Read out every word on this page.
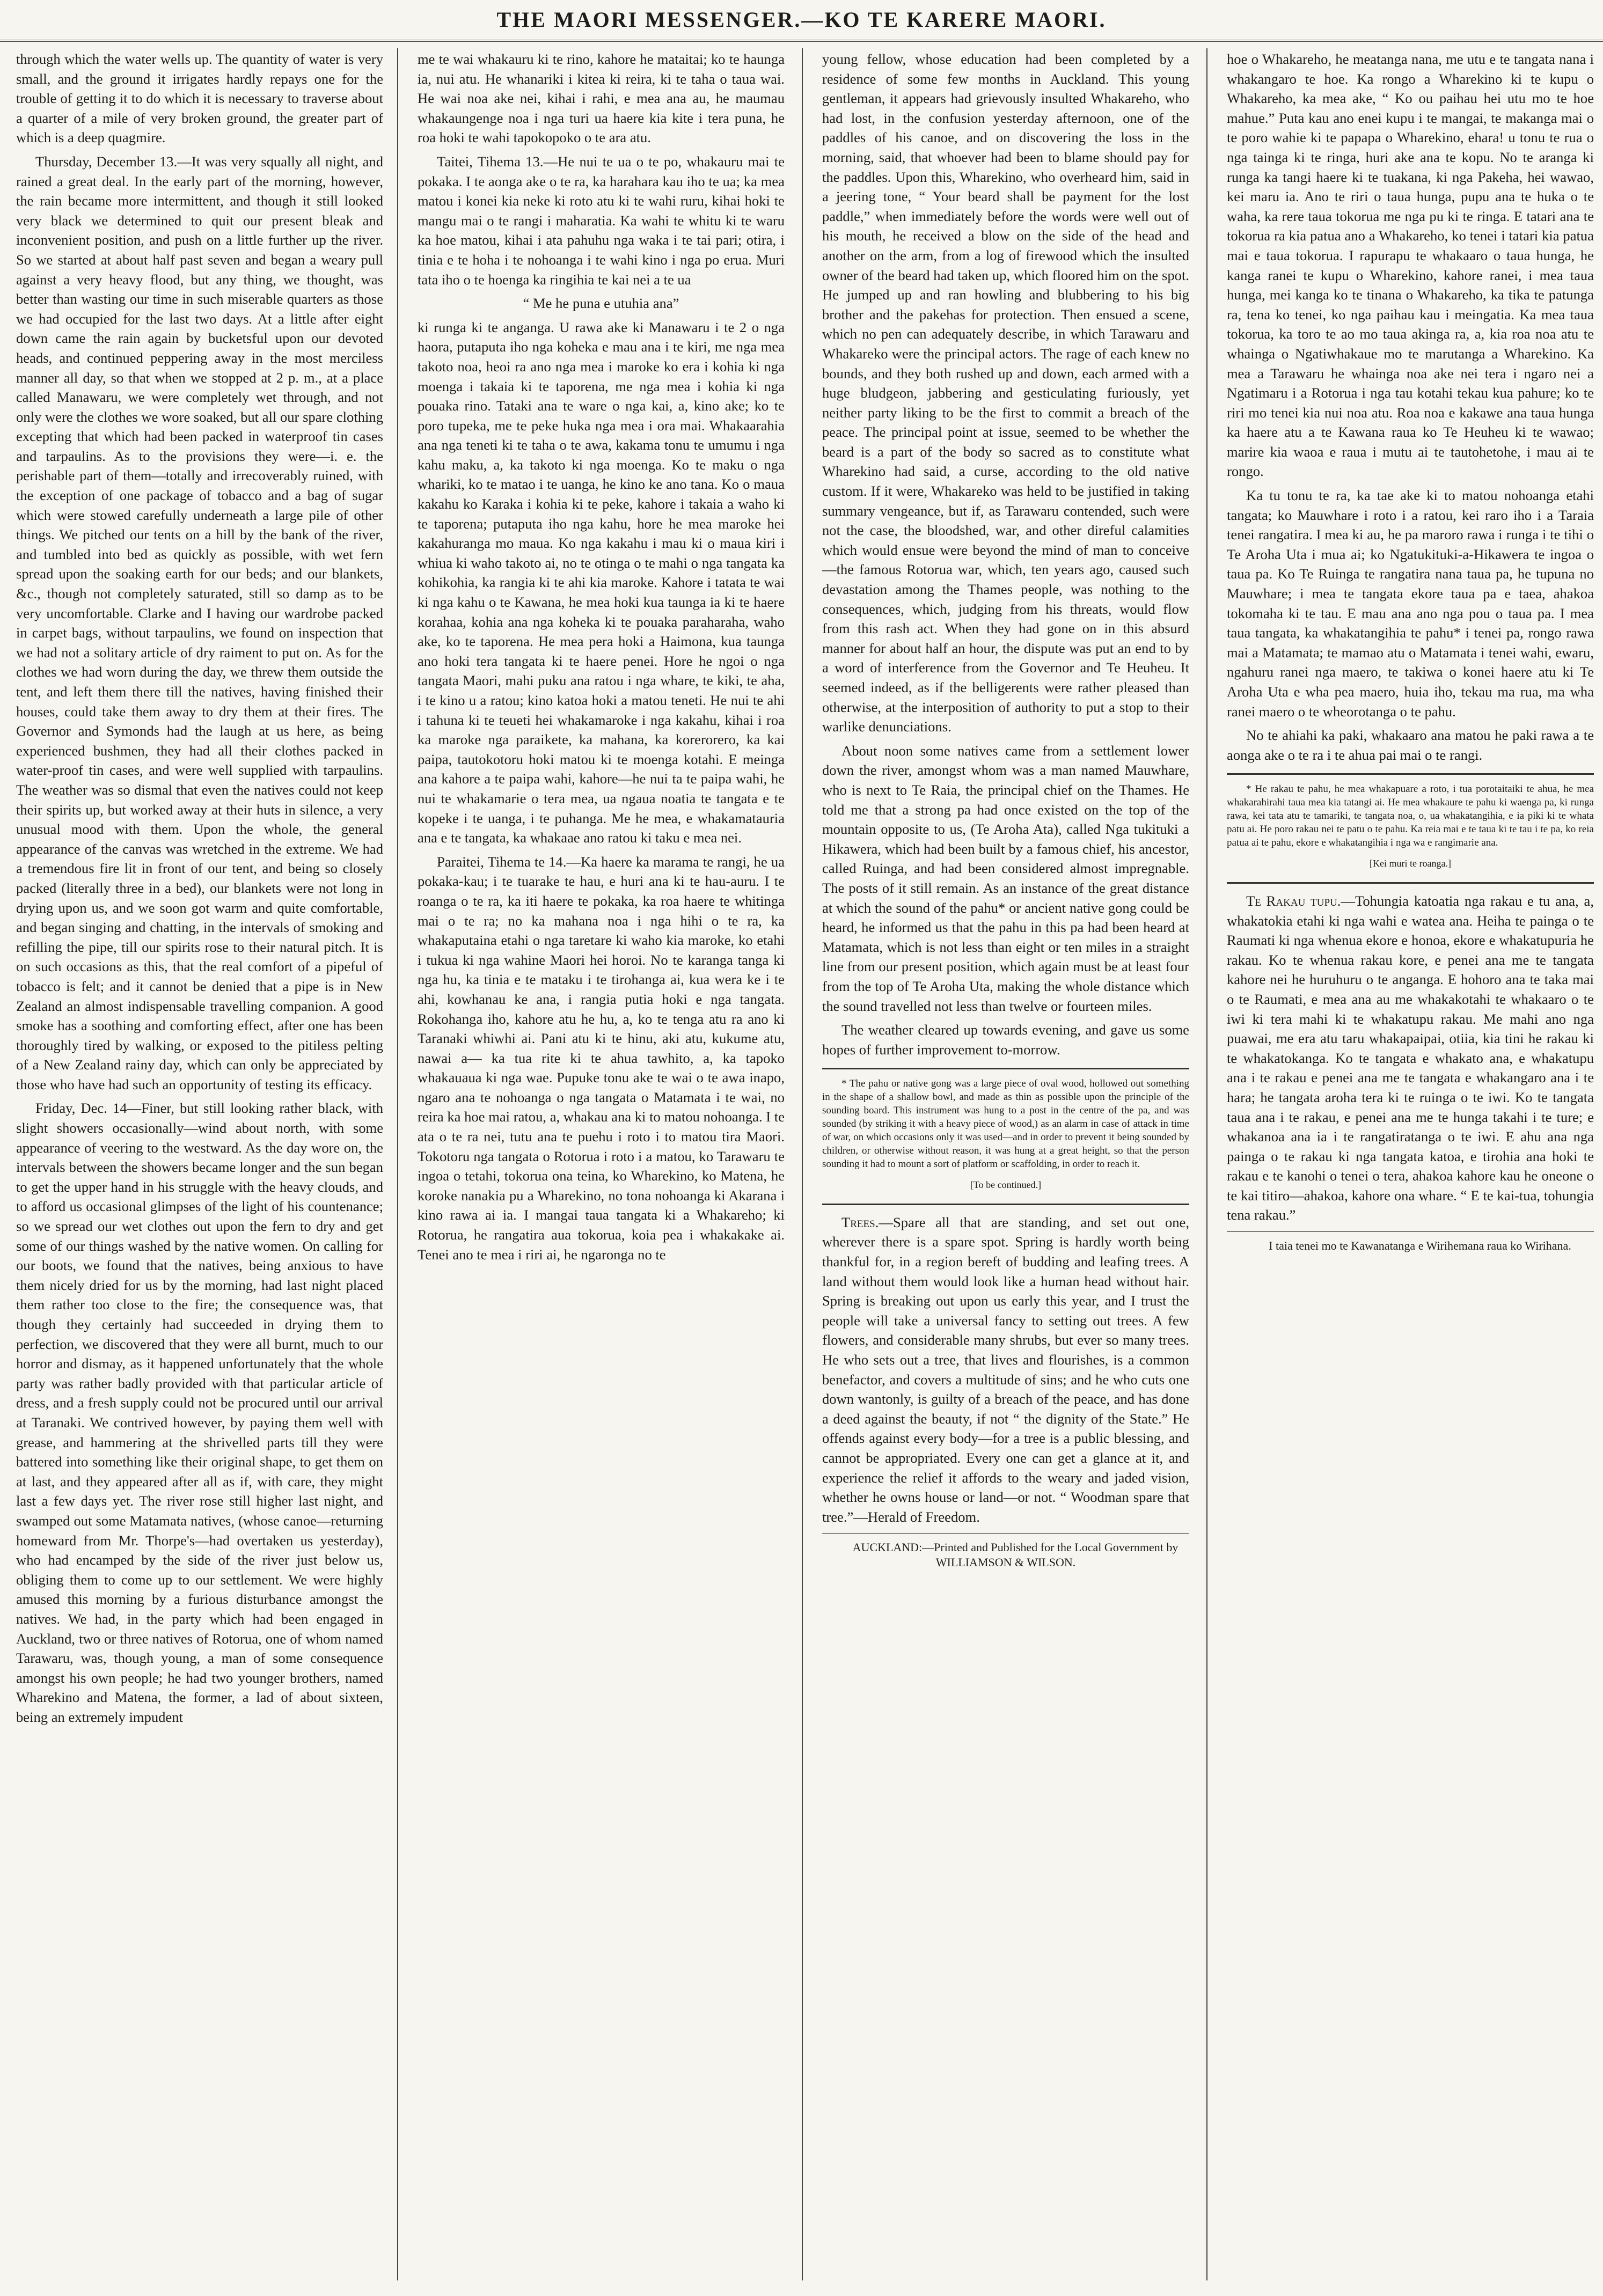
THE MAORI MESSENGER.—KO TE KARERE MAORI.

through which the water wells up. The quantity of water is very small, and the ground it irrigates hardly repays one for the trouble of getting it to do which it is necessary to traverse about a quarter of a mile of very broken ground, the greater part of which is a deep quagmire.

Thursday, December 13.—It was very squally all night, and rained a great deal. In the early part of the morning, however, the rain became more intermittent, and though it still looked very black we determined to quit our present bleak and inconvenient position, and push on a little further up the river. So we started at about half past seven and began a weary pull against a very heavy flood, but any thing, we thought, was better than wasting our time in such miserable quarters as those we had occupied for the last two days. At a little after eight down came the rain again by bucketsful upon our devoted heads, and continued peppering away in the most merciless manner all day, so that when we stopped at 2 p. m., at a place called Manawaru, we were completely wet through, and not only were the clothes we wore soaked, but all our spare clothing excepting that which had been packed in waterproof tin cases and tarpaulins. As to the provisions they were—i. e. the perishable part of them—totally and irrecoverably ruined, with the exception of one package of tobacco and a bag of sugar which were stowed carefully underneath a large pile of other things. We pitched our tents on a hill by the bank of the river, and tumbled into bed as quickly as possible, with wet fern spread upon the soaking earth for our beds; and our blankets, &c., though not completely saturated, still so damp as to be very uncomfortable. Clarke and I having our wardrobe packed in carpet bags, without tarpaulins, we found on inspection that we had not a solitary article of dry raiment to put on. As for the clothes we had worn during the day, we threw them outside the tent, and left them there till the natives, having finished their houses, could take them away to dry them at their fires. The Governor and Symonds had the laugh at us here, as being experienced bushmen, they had all their clothes packed in water-proof tin cases, and were well supplied with tarpaulins. The weather was so dismal that even the natives could not keep their spirits up, but worked away at their huts in silence, a very unusual mood with them. Upon the whole, the general appearance of the canvas was wretched in the extreme. We had a tremendous fire lit in front of our tent, and being so closely packed (literally three in a bed), our blankets were not long in drying upon us, and we soon got warm and quite comfortable, and began singing and chatting, in the intervals of smoking and refilling the pipe, till our spirits rose to their natural pitch. It is on such occasions as this, that the real comfort of a pipeful of tobacco is felt; and it cannot be denied that a pipe is in New Zealand an almost indispensable travelling companion. A good smoke has a soothing and comforting effect, after one has been thoroughly tired by walking, or exposed to the pitiless pelting of a New Zealand rainy day, which can only be appreciated by those who have had such an opportunity of testing its efficacy.

Friday, Dec. 14—Finer, but still looking rather black, with slight showers occasionally—wind about north, with some appearance of veering to the westward. As the day wore on, the intervals between the showers became longer and the sun began to get the upper hand in his struggle with the heavy clouds, and to afford us occasional glimpses of the light of his countenance; so we spread our wet clothes out upon the fern to dry and get some of our things washed by the native women. On calling for our boots, we found that the natives, being anxious to have them nicely dried for us by the morning, had last night placed them rather too close to the fire; the consequence was, that though they certainly had succeeded in drying them to perfection, we discovered that they were all burnt, much to our horror and dismay, as it happened unfortunately that the whole party was rather badly provided with that particular article of dress, and a fresh supply could not be procured until our arrival at Taranaki. We contrived however, by paying them well with grease, and hammering at the shrivelled parts till they were battered into something like their original shape, to get them on at last, and they appeared after all as if, with care, they might last a few days yet. The river rose still higher last night, and swamped out some Matamata natives, (whose canoe—returning homeward from Mr. Thorpe's—had overtaken us yesterday), who had encamped by the side of the river just below us, obliging them to come up to our settlement. We were highly amused this morning by a furious disturbance amongst the natives. We had, in the party which had been engaged in Auckland, two or three natives of Rotorua, one of whom named Tarawaru, was, though young, a man of some consequence amongst his own people; he had two younger brothers, named Wharekino and Matena, the former, a lad of about sixteen, being an extremely impudent

me te wai whakauru ki te rino, kahore he mataitai; ko te haunga ia, nui atu. He whanariki i kitea ki reira, ki te taha o taua wai. He wai noa ake nei, kihai i rahi, e mea ana au, he maumau whakaungenge noa i nga turi ua haere kia kite i tera puna, he roa hoki te wahi tapokopoko o te ara atu.

Taitei, Tihema 13.—He nui te ua o te po, whakauru mai te pokaka. I te aonga ake o te ra, ka harahara kau iho te ua; ka mea matou i konei kia neke ki roto atu ki te wahi ruru, kihai hoki te mangu mai o te rangi i maharatia. Ka wahi te whitu ki te waru ka hoe matou, kihai i ata pahuhu nga waka i te tai pari; otira, i tinia e te hoha i te nohoanga i te wahi kino i nga po erua. Muri tata iho o te hoenga ka ringihia te kai nei a te ua

“ Me he puna e utuhia ana”

ki runga ki te anganga. U rawa ake ki Manawaru i te 2 o nga haora, putaputa iho nga koheka e mau ana i te kiri, me nga mea takoto noa, heoi ra ano nga mea i maroke ko era i kohia ki nga moenga i takaia ki te taporena, me nga mea i kohia ki nga pouaka rino. Tataki ana te ware o nga kai, a, kino ake; ko te poro tupeka, me te peke huka nga mea i ora mai. Whakaarahia ana nga teneti ki te taha o te awa, kakama tonu te umumu i nga kahu maku, a, ka takoto ki nga moenga. Ko te maku o nga whariki, ko te matao i te uanga, he kino ke ano tana. Ko o maua kakahu ko Karaka i kohia ki te peke, kahore i takaia a waho ki te taporena; putaputa iho nga kahu, hore he mea maroke hei kakahuranga mo maua. Ko nga kakahu i mau ki o maua kiri i whiua ki waho takoto ai, no te otinga o te mahi o nga tangata ka kohikohia, ka rangia ki te ahi kia maroke. Kahore i tatata te wai ki nga kahu o te Kawana, he mea hoki kua taunga ia ki te haere korahaa, kohia ana nga koheka ki te pouaka paraharaha, waho ake, ko te taporena. He mea pera hoki a Haimona, kua taunga ano hoki tera tangata ki te haere penei. Hore he ngoi o nga tangata Maori, mahi puku ana ratou i nga whare, te kiki, te aha, i te kino u a ratou; kino katoa hoki a matou teneti. He nui te ahi i tahuna ki te teueti hei whakamaroke i nga kakahu, kihai i roa ka maroke nga paraikete, ka mahana, ka korerorero, ka kai paipa, tautokotoru hoki matou ki te moenga kotahi. E meinga ana kahore a te paipa wahi, kahore—he nui ta te paipa wahi, he nui te whakamarie o tera mea, ua ngaua noatia te tangata e te kopeke i te uanga, i te puhanga. Me he mea, e whakamatauria ana e te tangata, ka whakaae ano ratou ki taku e mea nei.

Paraitei, Tihema te 14.—Ka haere ka marama te rangi, he ua pokaka-kau; i te tuarake te hau, e huri ana ki te hau-auru. I te roanga o te ra, ka iti haere te pokaka, ka roa haere te whitinga mai o te ra; no ka mahana noa i nga hihi o te ra, ka whakaputaina etahi o nga taretare ki waho kia maroke, ko etahi i tukua ki nga wahine Maori hei horoi. No te karanga tanga ki nga hu, ka tinia e te mataku i te tirohanga ai, kua wera ke i te ahi, kowhanau ke ana, i rangia putia hoki e nga tangata. Rokohanga iho, kahore atu he hu, a, ko te tenga atu ra ano ki Taranaki whiwhi ai. Pani atu ki te hinu, aki atu, kukume atu, nawai a— ka tua rite ki te ahua tawhito, a, ka tapoko whakauaua ki nga wae. Pupuke tonu ake te wai o te awa inapo, ngaro ana te nohoanga o nga tangata o Matamata i te wai, no reira ka hoe mai ratou, a, whakau ana ki to matou nohoanga. I te ata o te ra nei, tutu ana te puehu i roto i to matou tira Maori. Tokotoru nga tangata o Rotorua i roto i a matou, ko Tarawaru te ingoa o tetahi, tokorua ona teina, ko Wharekino, ko Matena, he koroke nanakia pu a Wharekino, no tona nohoanga ki Akarana i kino rawa ai ia. I mangai taua tangata ki a Whakareho; ki Rotorua, he rangatira aua tokorua, koia pea i whakakake ai. Tenei ano te mea i riri ai, he ngaronga no te

young fellow, whose education had been completed by a residence of some few months in Auckland. This young gentleman, it appears had grievously insulted Whakareho, who had lost, in the confusion yesterday afternoon, one of the paddles of his canoe, and on discovering the loss in the morning, said, that whoever had been to blame should pay for the paddles. Upon this, Wharekino, who overheard him, said in a jeering tone, “ Your beard shall be payment for the lost paddle,” when immediately before the words were well out of his mouth, he received a blow on the side of the head and another on the arm, from a log of firewood which the insulted owner of the beard had taken up, which floored him on the spot. He jumped up and ran howling and blubbering to his big brother and the pakehas for protection. Then ensued a scene, which no pen can adequately describe, in which Tarawaru and Whakareko were the principal actors. The rage of each knew no bounds, and they both rushed up and down, each armed with a huge bludgeon, jabbering and gesticulating furiously, yet neither party liking to be the first to commit a breach of the peace. The principal point at issue, seemed to be whether the beard is a part of the body so sacred as to constitute what Wharekino had said, a curse, according to the old native custom. If it were, Whakareko was held to be justified in taking summary vengeance, but if, as Tarawaru contended, such were not the case, the bloodshed, war, and other direful calamities which would ensue were beyond the mind of man to conceive—the famous Rotorua war, which, ten years ago, caused such devastation among the Thames people, was nothing to the consequences, which, judging from his threats, would flow from this rash act. When they had gone on in this absurd manner for about half an hour, the dispute was put an end to by a word of interference from the Governor and Te Heuheu. It seemed indeed, as if the belligerents were rather pleased than otherwise, at the interposition of authority to put a stop to their warlike denunciations.

About noon some natives came from a settlement lower down the river, amongst whom was a man named Mauwhare, who is next to Te Raia, the principal chief on the Thames. He told me that a strong pa had once existed on the top of the mountain opposite to us, (Te Aroha Ata), called Nga tukituki a Hikawera, which had been built by a famous chief, his ancestor, called Ruinga, and had been considered almost impregnable. The posts of it still remain. As an instance of the great distance at which the sound of the pahu* or ancient native gong could be heard, he informed us that the pahu in this pa had been heard at Matamata, which is not less than eight or ten miles in a straight line from our present position, which again must be at least four from the top of Te Aroha Uta, making the whole distance which the sound travelled not less than twelve or fourteen miles.

The weather cleared up towards evening, and gave us some hopes of further improvement to-morrow.

* The pahu or native gong was a large piece of oval wood, hollowed out something in the shape of a shallow bowl, and made as thin as possible upon the principle of the sounding board. This instrument was hung to a post in the centre of the pa, and was sounded (by striking it with a heavy piece of wood,) as an alarm in case of attack in time of war, on which occasions only it was used—and in order to prevent it being sounded by children, or otherwise without reason, it was hung at a great height, so that the person sounding it had to mount a sort of platform or scaffolding, in order to reach it.

[To be continued.]

Trees.—Spare all that are standing, and set out one, wherever there is a spare spot. Spring is hardly worth being thankful for, in a region bereft of budding and leafing trees. A land without them would look like a human head without hair. Spring is breaking out upon us early this year, and I trust the people will take a universal fancy to setting out trees. A few flowers, and considerable many shrubs, but ever so many trees. He who sets out a tree, that lives and flourishes, is a common benefactor, and covers a multitude of sins; and he who cuts one down wantonly, is guilty of a breach of the peace, and has done a deed against the beauty, if not “ the dignity of the State.” He offends against every body—for a tree is a public blessing, and cannot be appropriated. Every one can get a glance at it, and experience the relief it affords to the weary and jaded vision, whether he owns house or land—or not. “ Woodman spare that tree.”—Herald of Freedom.

AUCKLAND:—Printed and Published for the Local Government by WILLIAMSON & WILSON.

hoe o Whakareho, he meatanga nana, me utu e te tangata nana i whakangaro te hoe. Ka rongo a Wharekino ki te kupu o Whakareho, ka mea ake, “ Ko ou paihau hei utu mo te hoe mahue.” Puta kau ano enei kupu i te mangai, te makanga mai o te poro wahie ki te papapa o Wharekino, ehara! u tonu te rua o nga tainga ki te ringa, huri ake ana te kopu. No te aranga ki runga ka tangi haere ki te tuakana, ki nga Pakeha, hei wawao, kei maru ia. Ano te riri o taua hunga, pupu ana te huka o te waha, ka rere taua tokorua me nga pu ki te ringa. E tatari ana te tokorua ra kia patua ano a Whakareho, ko tenei i tatari kia patua mai e taua tokorua. I rapurapu te whakaaro o taua hunga, he kanga ranei te kupu o Wharekino, kahore ranei, i mea taua hunga, mei kanga ko te tinana o Whakareho, ka tika te patunga ra, tena ko tenei, ko nga paihau kau i meingatia. Ka mea taua tokorua, ka toro te ao mo taua akinga ra, a, kia roa noa atu te whainga o Ngatiwhakaue mo te marutanga a Wharekino. Ka mea a Tarawaru he whainga noa ake nei tera i ngaro nei a Ngatimaru i a Rotorua i nga tau kotahi tekau kua pahure; ko te riri mo tenei kia nui noa atu. Roa noa e kakawe ana taua hunga ka haere atu a te Kawana raua ko Te Heuheu ki te wawao; marire kia waoa e raua i mutu ai te tautohetohe, i mau ai te rongo.

Ka tu tonu te ra, ka tae ake ki to matou nohoanga etahi tangata; ko Mauwhare i roto i a ratou, kei raro iho i a Taraia tenei rangatira. I mea ki au, he pa maroro rawa i runga i te tihi o Te Aroha Uta i mua ai; ko Ngatukituki-a-Hikawera te ingoa o taua pa. Ko Te Ruinga te rangatira nana taua pa, he tupuna no Mauwhare; i mea te tangata ekore taua pa e taea, ahakoa tokomaha ki te tau. E mau ana ano nga pou o taua pa. I mea taua tangata, ka whakatangihia te pahu* i tenei pa, rongo rawa mai a Matamata; te mamao atu o Matamata i tenei wahi, ewaru, ngahuru ranei nga maero, te takiwa o konei haere atu ki Te Aroha Uta e wha pea maero, huia iho, tekau ma rua, ma wha ranei maero o te wheorotanga o te pahu.

No te ahiahi ka paki, whakaaro ana matou he paki rawa a te aonga ake o te ra i te ahua pai mai o te rangi.

* He rakau te pahu, he mea whakapuare a roto, i tua porotaitaiki te ahua, he mea whakarahirahi taua mea kia tatangi ai. He mea whakaure te pahu ki waenga pa, ki runga rawa, kei tata atu te tamariki, te tangata noa, o, ua whakatangihia, e ia piki ki te whata patu ai. He poro rakau nei te patu o te pahu. Ka reia mai e te taua ki te tau i te pa, ko reia patua ai te pahu, ekore e whakatangihia i nga wa e rangimarie ana.

[Kei muri te roanga.]

Te Rakau tupu.—Tohungia katoatia nga rakau e tu ana, a, whakatokia etahi ki nga wahi e watea ana. Heiha te painga o te Raumati ki nga whenua ekore e honoa, ekore e whakatupuria he rakau. Ko te whenua rakau kore, e penei ana me te tangata kahore nei he huruhuru o te anganga. E hohoro ana te taka mai o te Raumati, e mea ana au me whakakotahi te whakaaro o te iwi ki tera mahi ki te whakatupu rakau. Me mahi ano nga puawai, me era atu taru whakapaipai, otiia, kia tini he rakau ki te whakatokanga. Ko te tangata e whakato ana, e whakatupu ana i te rakau e penei ana me te tangata e whakangaro ana i te hara; he tangata aroha tera ki te ruinga o te iwi. Ko te tangata taua ana i te rakau, e penei ana me te hunga takahi i te ture; e whakanoa ana ia i te rangatiratanga o te iwi. E ahu ana nga painga o te rakau ki nga tangata katoa, e tirohia ana hoki te rakau e te kanohi o tenei o tera, ahakoa kahore kau he oneone o te kai titiro—ahakoa, kahore ona whare. “ E te kai-tua, tohungia tena rakau.”

I taia tenei mo te Kawanatanga e Wirihemana raua ko Wirihana.
